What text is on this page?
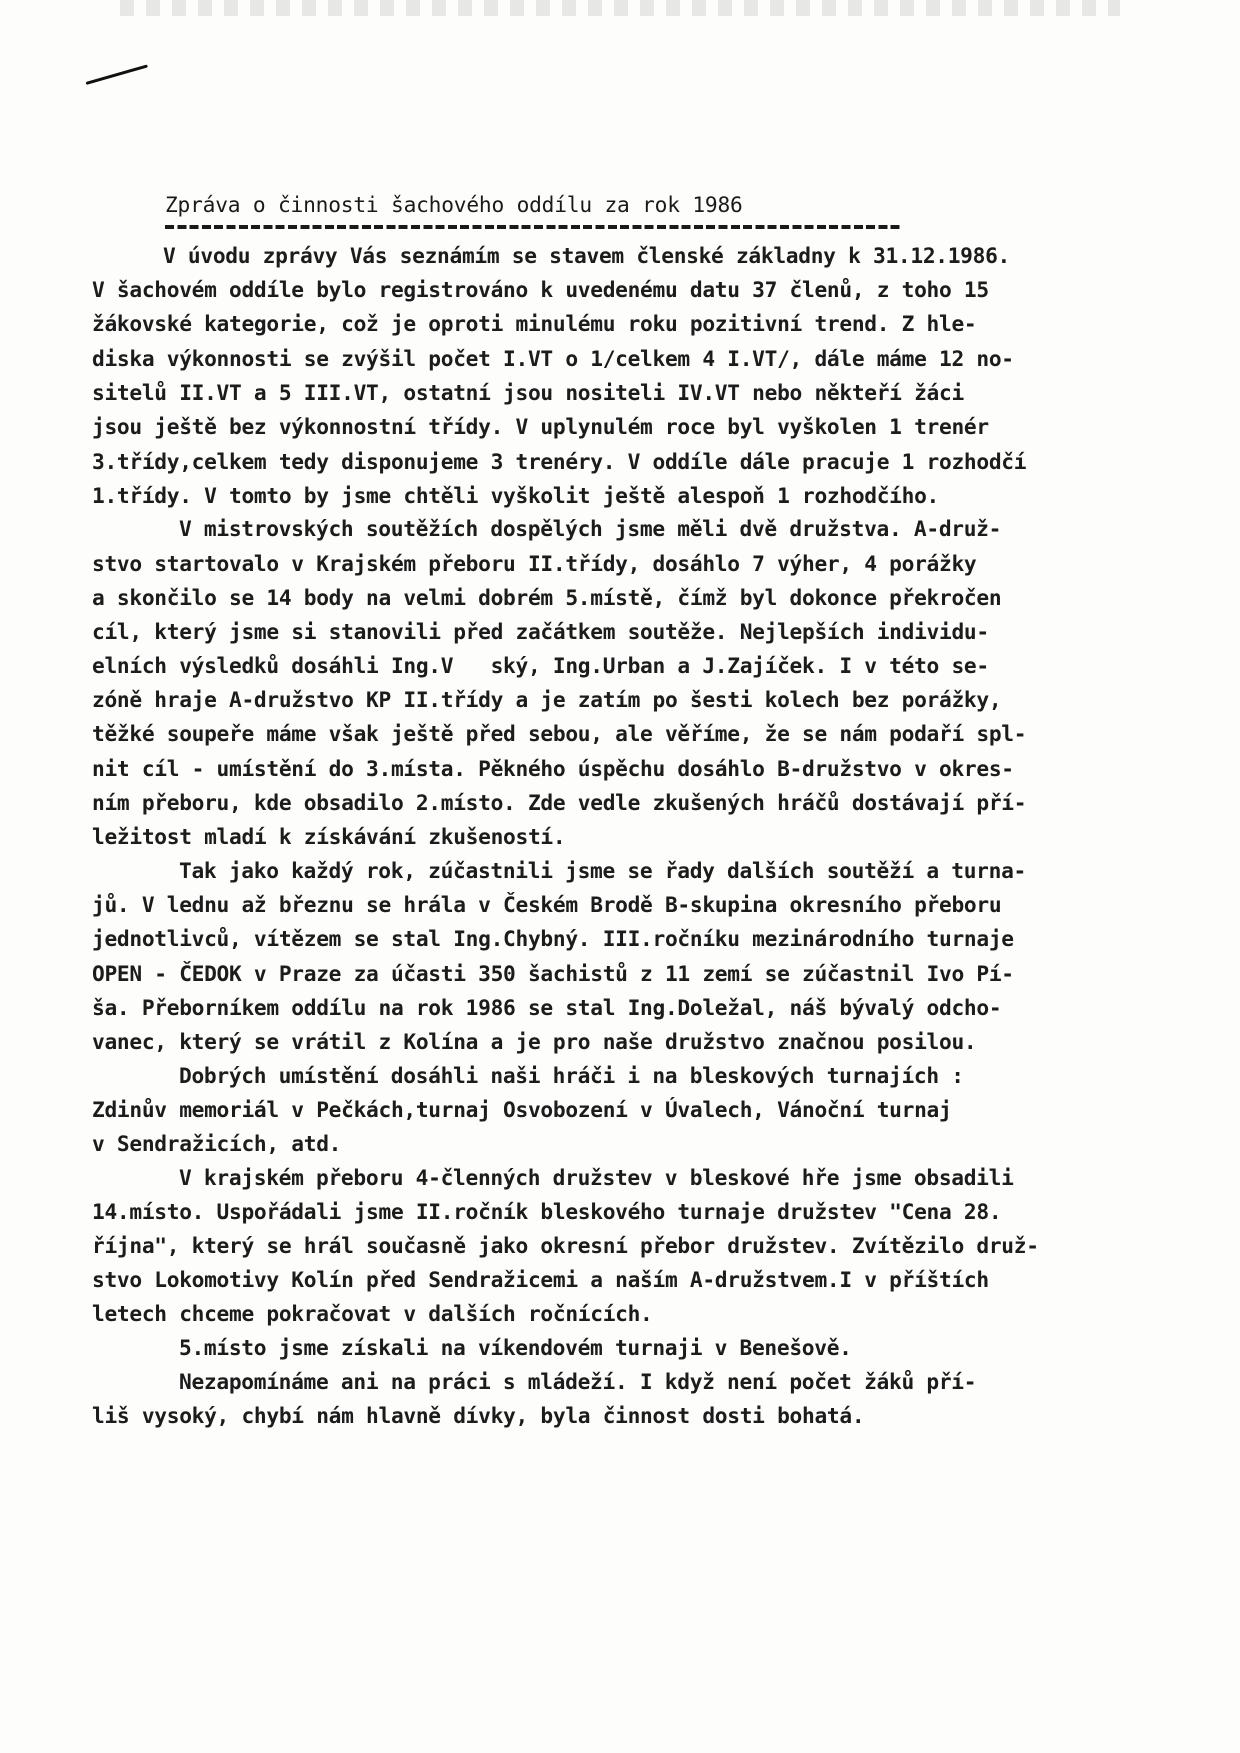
Zpráva o činnosti šachového oddílu za rok 1986
V úvodu zprávy Vás seznámím se stavem členské základny k 31.12.1986.
V šachovém oddíle bylo registrováno k uvedenému datu 37 členů, z toho 15
žákovské kategorie, což je oproti minulému roku pozitivní trend. Z hle-
diska výkonnosti se zvýšil počet I.VT o 1/celkem 4 I.VT/, dále máme 12 no-
sitelů II.VT a 5 III.VT, ostatní jsou nositeli IV.VT nebo někteří žáci
jsou ještě bez výkonnostní třídy. V uplynulém roce byl vyškolen 1 trenér
3.třídy,celkem tedy disponujeme 3 trenéry. V oddíle dále pracuje 1 rozhodčí
1.třídy. V tomto by jsme chtěli vyškolit ještě alespoň 1 rozhodčího.
V mistrovských soutěžích dospělých jsme měli dvě družstva. A-druž-
stvo startovalo v Krajském přeboru II.třídy, dosáhlo 7 výher, 4 porážky
a skončilo se 14 body na velmi dobrém 5.místě, čímž byl dokonce překročen
cíl, který jsme si stanovili před začátkem soutěže. Nejlepších individu-
elních výsledků dosáhli Ing.V   ský, Ing.Urban a J.Zajíček. I v této se-
zóně hraje A-družstvo KP II.třídy a je zatím po šesti kolech bez porážky,
těžké soupeře máme však ještě před sebou, ale věříme, že se nám podaří spl-
nit cíl - umístění do 3.místa. Pěkného úspěchu dosáhlo B-družstvo v okres-
ním přeboru, kde obsadilo 2.místo. Zde vedle zkušených hráčů dostávají pří-
ležitost mladí k získávání zkušeností.
Tak jako každý rok, zúčastnili jsme se řady dalších soutěží a turna-
jů. V lednu až březnu se hrála v Českém Brodě B-skupina okresního přeboru
jednotlivců, vítězem se stal Ing.Chybný. III.ročníku mezinárodního turnaje
OPEN - ČEDOK v Praze za účasti 350 šachistů z 11 zemí se zúčastnil Ivo Pí-
ša. Přeborníkem oddílu na rok 1986 se stal Ing.Doležal, náš bývalý odcho-
vanec, který se vrátil z Kolína a je pro naše družstvo značnou posilou.
Dobrých umístění dosáhli naši hráči i na bleskových turnajích :
Zdinův memoriál v Pečkách,turnaj Osvobození v Úvalech, Vánoční turnaj
v Sendražicích, atd.
V krajském přeboru 4-členných družstev v bleskové hře jsme obsadili
14.místo. Uspořádali jsme II.ročník bleskového turnaje družstev "Cena 28.
října", který se hrál současně jako okresní přebor družstev. Zvítězilo druž-
stvo Lokomotivy Kolín před Sendražicemi a naším A-družstvem.I v příštích
letech chceme pokračovat v dalších ročnících.
5.místo jsme získali na víkendovém turnaji v Benešově.
Nezapomínáme ani na práci s mládeží. I když není počet žáků pří-
liš vysoký, chybí nám hlavně dívky, byla činnost dosti bohatá.
